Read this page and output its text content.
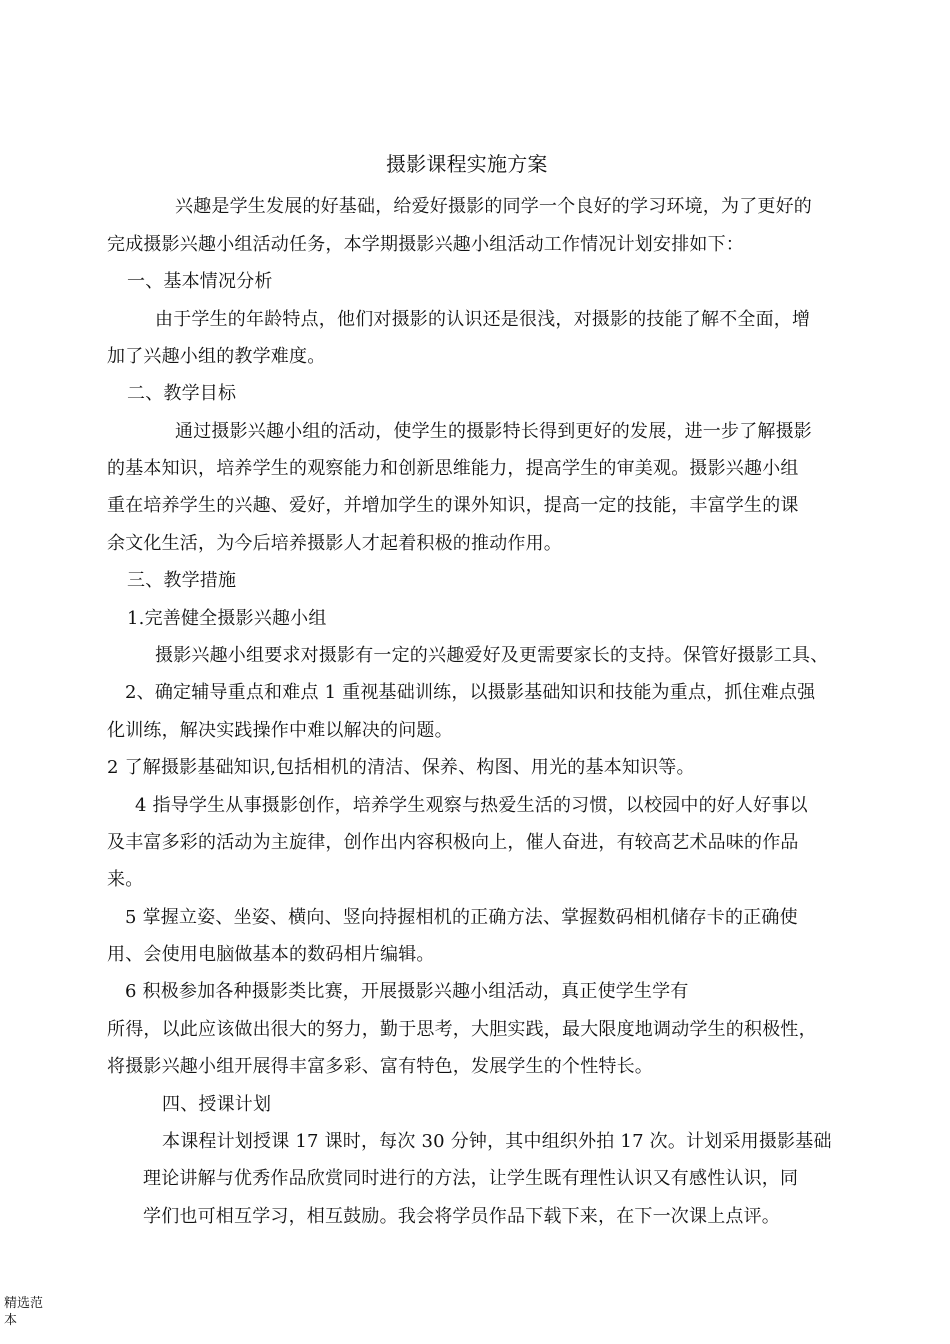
摄影课程实施方案
兴趣是学生发展的好基础，给爱好摄影的同学一个良好的学习环境，为了更好的
完成摄影兴趣小组活动任务，本学期摄影兴趣小组活动工作情况计划安排如下：
一、基本情况分析
由于学生的年龄特点，他们对摄影的认识还是很浅，对摄影的技能了解不全面，增
加了兴趣小组的教学难度。
二、教学目标
通过摄影兴趣小组的活动，使学生的摄影特长得到更好的发展，进一步了解摄影
的基本知识，培养学生的观察能力和创新思维能力，提高学生的审美观。摄影兴趣小组
重在培养学生的兴趣、爱好，并增加学生的课外知识，提高一定的技能，丰富学生的课
余文化生活，为今后培养摄影人才起着积极的推动作用。
三、教学措施
1.完善健全摄影兴趣小组
摄影兴趣小组要求对摄影有一定的兴趣爱好及更需要家长的支持。保管好摄影工具、
2、确定辅导重点和难点 1 重视基础训练，以摄影基础知识和技能为重点，抓住难点强
化训练，解决实践操作中难以解决的问题。
2 了解摄影基础知识,包括相机的清洁、保养、构图、用光的基本知识等。
4 指导学生从事摄影创作，培养学生观察与热爱生活的习惯，以校园中的好人好事以
及丰富多彩的活动为主旋律，创作出内容积极向上，催人奋进，有较高艺术品味的作品
来。
5 掌握立姿、坐姿、横向、竖向持握相机的正确方法、掌握数码相机储存卡的正确使
用、会使用电脑做基本的数码相片编辑。
6 积极参加各种摄影类比赛，开展摄影兴趣小组活动，真正使学生学有
所得，以此应该做出很大的努力，勤于思考，大胆实践，最大限度地调动学生的积极性，
将摄影兴趣小组开展得丰富多彩、富有特色，发展学生的个性特长。
四、授课计划
本课程计划授课 17 课时，每次 30 分钟，其中组织外拍 17 次。计划采用摄影基础
理论讲解与优秀作品欣赏同时进行的方法，让学生既有理性认识又有感性认识，同
学们也可相互学习，相互鼓励。我会将学员作品下载下来，在下一次课上点评。
精选范
本
